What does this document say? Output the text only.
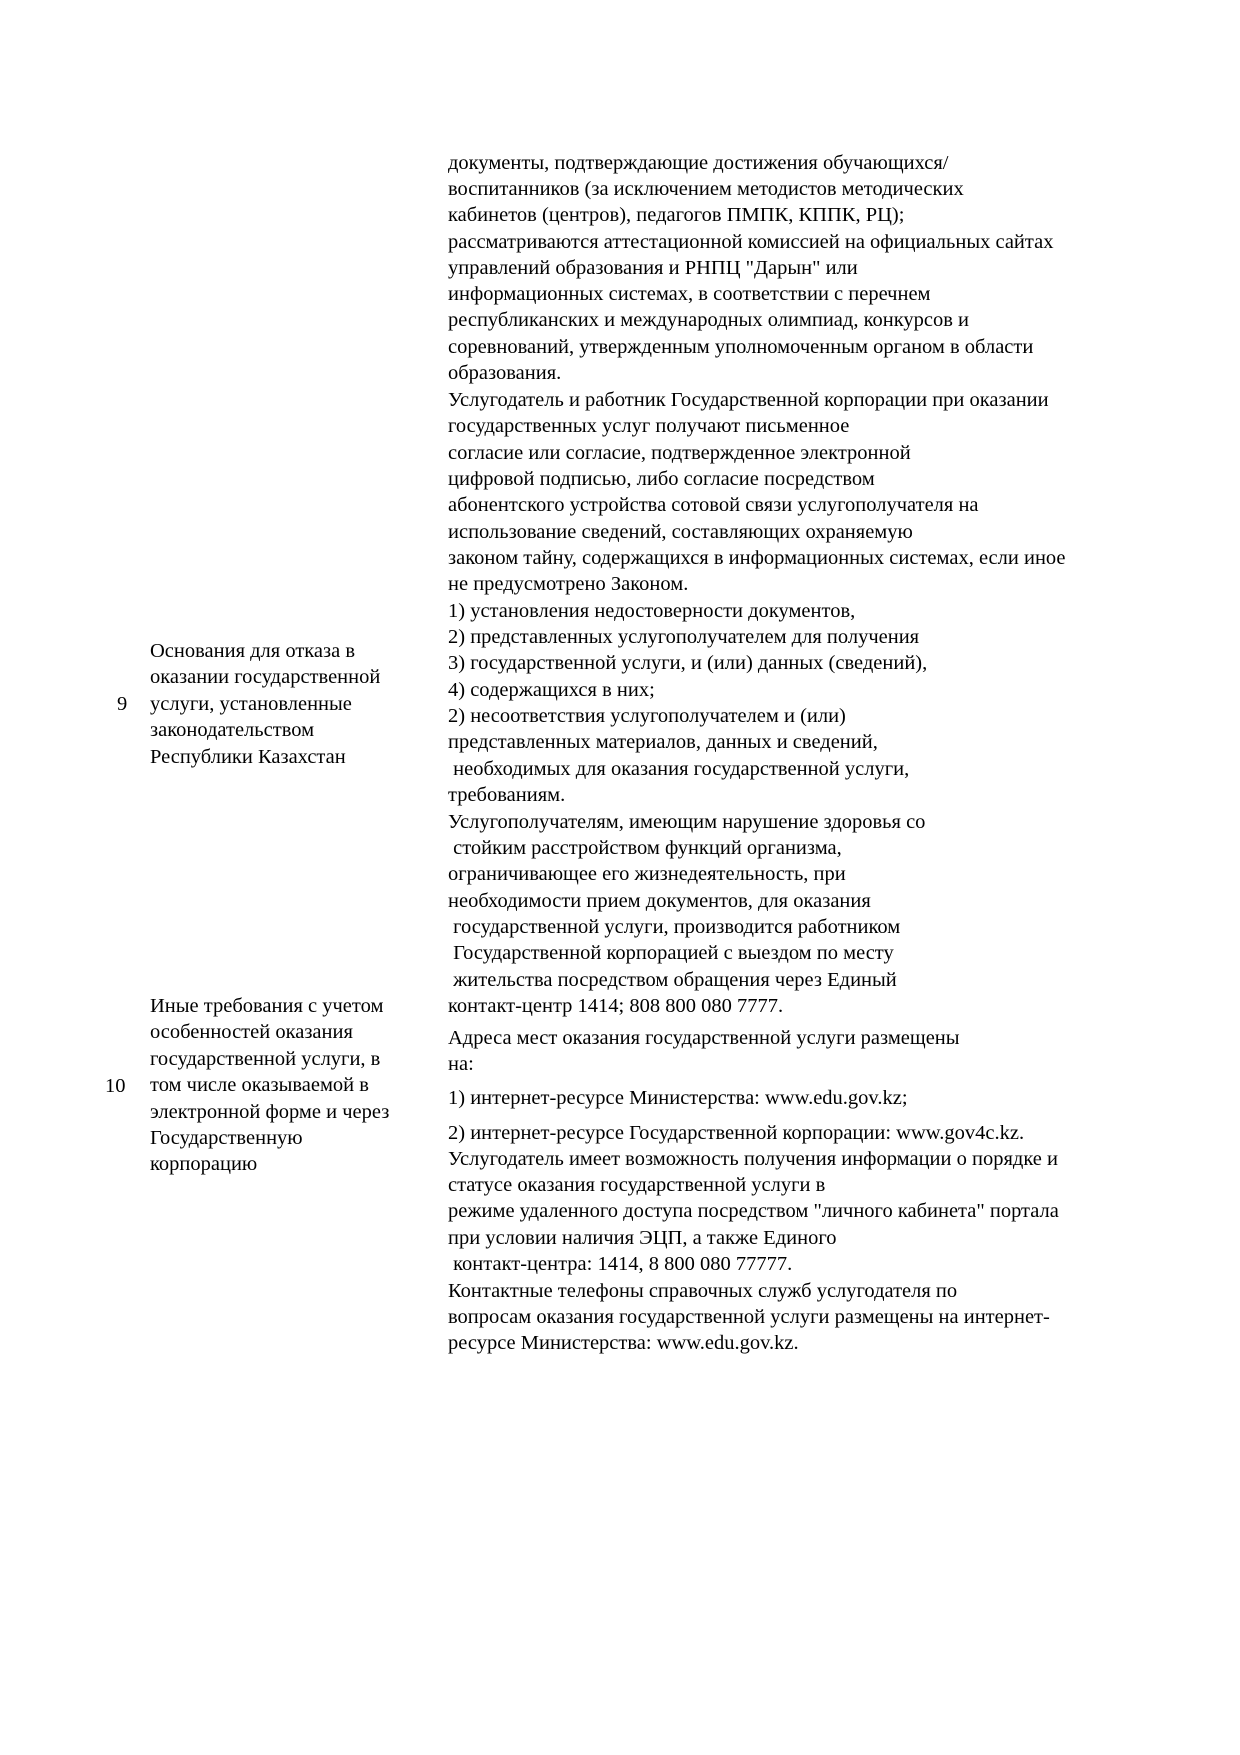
документы, подтверждающие достижения обучающихся/
воспитанников (за исключением методистов методических
кабинетов (центров), педагогов ПМПК, КППК, РЦ);
рассматриваются аттестационной комиссией на официальных сайтах
управлений образования и РНПЦ "Дарын" или
информационных системах, в соответствии с перечнем
республиканских и международных олимпиад, конкурсов и
соревнований, утвержденным уполномоченным органом в области
образования.
Услугодатель и работник Государственной корпорации при оказании
государственных услуг получают письменное
согласие или согласие, подтвержденное электронной
цифровой подписью, либо согласие посредством
абонентского устройства сотовой связи услугополучателя на
использование сведений, составляющих охраняемую
законом тайну, содержащихся в информационных системах, если иное
не предусмотрено Законом.
9
Основания для отказа в
оказании государственной
услуги, установленные
законодательством
Республики Казахстан
1) установления недостоверности документов,
2) представленных услугополучателем для получения
3) государственной услуги, и (или) данных (сведений),
4) содержащихся в них;
2) несоответствия услугополучателем и (или)
представленных материалов, данных и сведений,
необходимых для оказания государственной услуги,
требованиям.
Услугополучателям, имеющим нарушение здоровья со
стойким расстройством функций организма,
ограничивающее его жизнедеятельность, при
необходимости прием документов, для оказания
государственной услуги, производится работником
Государственной корпорацией с выездом по месту
жительства посредством обращения через Единый
контакт-центр 1414; 808 800 080 7777.
10
Иные требования с учетом
особенностей оказания
государственной услуги, в
том числе оказываемой в
электронной форме и через
Государственную
корпорацию
Адреса мест оказания государственной услуги размещены
на:
1) интернет-ресурсе Министерства: www.edu.gov.kz;
2) интернет-ресурсе Государственной корпорации: www.gov4c.kz.
Услугодатель имеет возможность получения информации о порядке и
статусе оказания государственной услуги в
режиме удаленного доступа посредством "личного кабинета" портала
при условии наличия ЭЦП, а также Единого
контакт-центра: 1414, 8 800 080 77777.
Контактные телефоны справочных служб услугодателя по
вопросам оказания государственной услуги размещены на интернет-
ресурсе Министерства: www.edu.gov.kz.
